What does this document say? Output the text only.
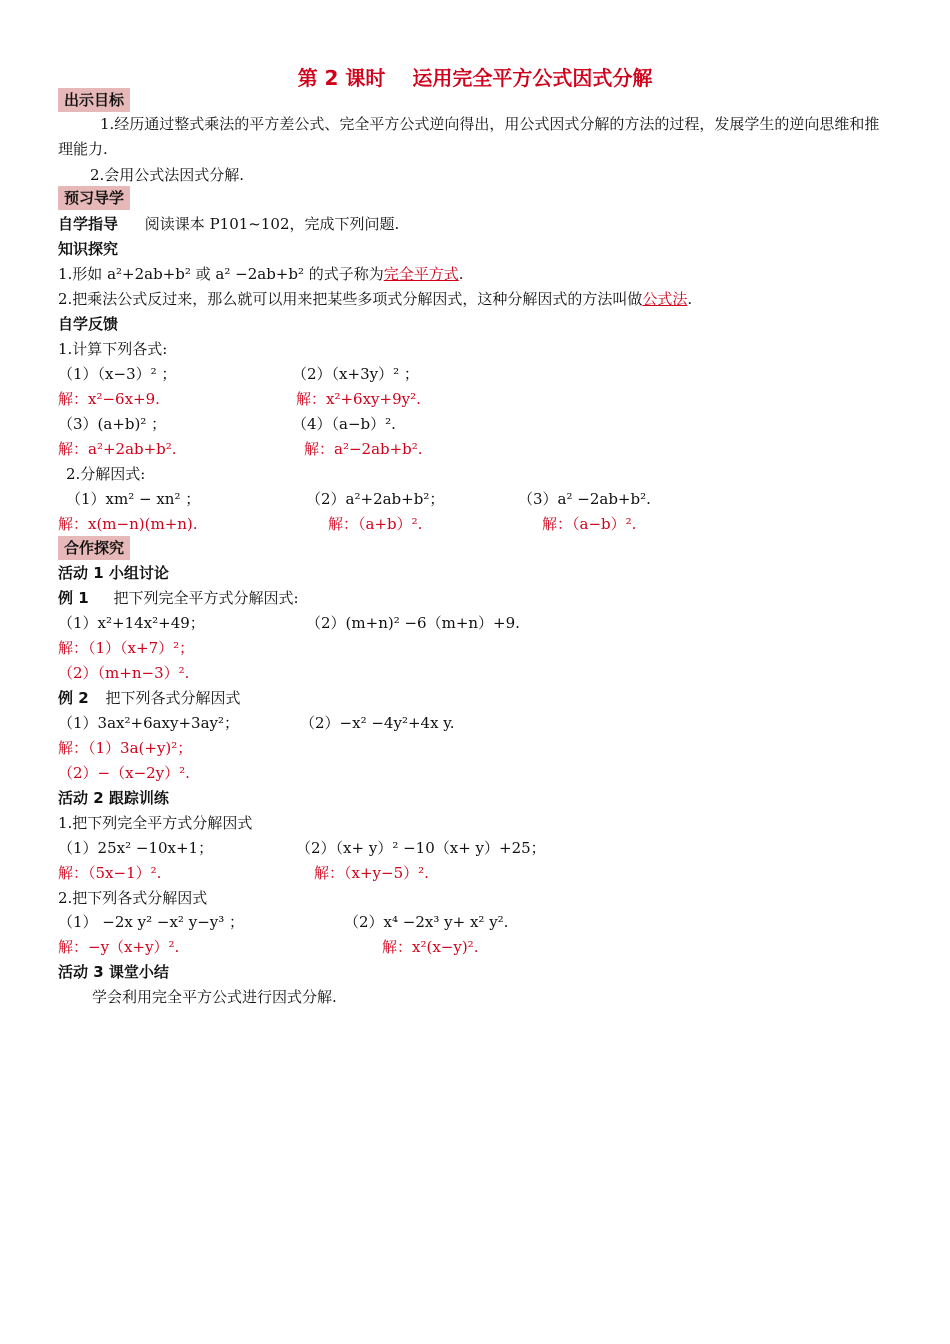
第 2 课时　 运用完全平方公式因式分解
出示目标
1.经历通过整式乘法的平方差公式、完全平方公式逆向得出，用公式因式分解的方法的过程，发展学生的逆向思维和推理能力.
2.会用公式法因式分解.
预习导学
自学指导 阅读课本 P101~102，完成下列问题.
知识探究
1.形如 a²+2ab+b² 或 a² −2ab+b² 的式子称为完全平方式.
2.把乘法公式反过来，那么就可以用来把某些多项式分解因式，这种分解因式的方法叫做公式法.
自学反馈
1.计算下列各式:
（1）（x−3）² ；	（2）（x+3y）² ；
解：x²−6x+9.	解：x²+6xy+9y².
（3）(a+b)² ；	（4）（a−b）².
解：a²+2ab+b².	解：a²−2ab+b².
2.分解因式:
（1）xm² − xn² ；	（2）a²+2ab+b²；	（3）a² −2ab+b².
解：x(m−n)(m+n).	解：（a+b）².	解：（a−b）².
合作探究
活动 1 小组讨论
例 1 把下列完全平方式分解因式:
（1）x²+14x²+49；	（2）(m+n)² −6（m+n）+9.
解：（1）（x+7）²；
（2）（m+n−3）².
例 2 把下列各式分解因式
（1）3ax²+6axy+3ay²；	（2）−x² −4y²+4x y.
解：（1）3a(+y)²；
（2）−（x−2y）².
活动 2 跟踪训练
1.把下列完全平方式分解因式
（1）25x² −10x+1；	（2）（x+ y）² −10（x+ y）+25；
解：（5x−1）².	解：（x+y−5）².
2.把下列各式分解因式
（1） −2x y² −x² y−y³ ；	（2）x⁴ −2x³ y+ x² y².
解：−y（x+y）².	解：x²(x−y)².
活动 3 课堂小结
学会利用完全平方公式进行因式分解.
